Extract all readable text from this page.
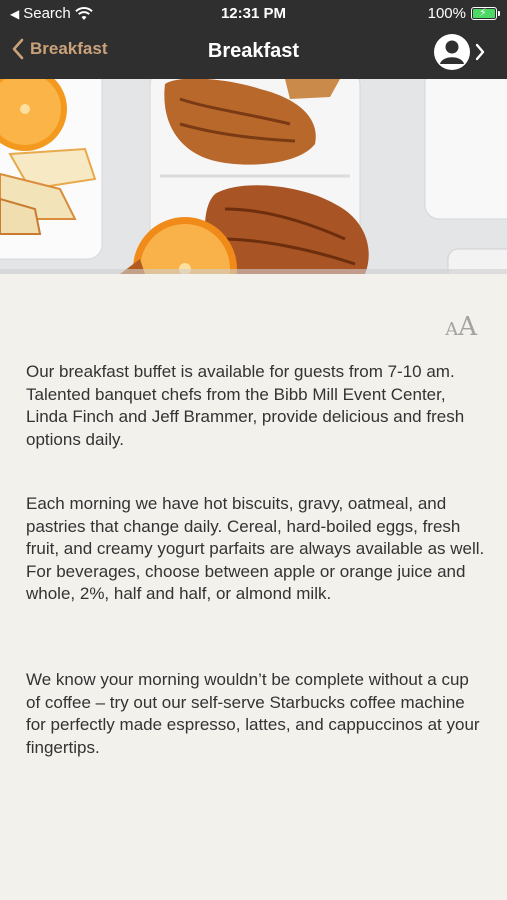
◀ Search	12:31 PM	100% ⚡
Breakfast	Breakfast
AA

Our breakfast buffet is available for guests from 7-10 am. Talented banquet chefs from the Bibb Mill Event Center, Linda Finch and Jeff Brammer, provide delicious and fresh options daily.

Each morning we have hot biscuits, gravy, oatmeal, and pastries that change daily. Cereal, hard-boiled eggs, fresh fruit, and creamy yogurt parfaits are always available as well.
For beverages, choose between apple or orange juice and whole, 2%, half and half, or almond milk.

We know your morning wouldn’t be complete without a cup of coffee – try out our self-serve Starbucks coffee machine for perfectly made espresso, lattes, and cappuccinos at your fingertips.
